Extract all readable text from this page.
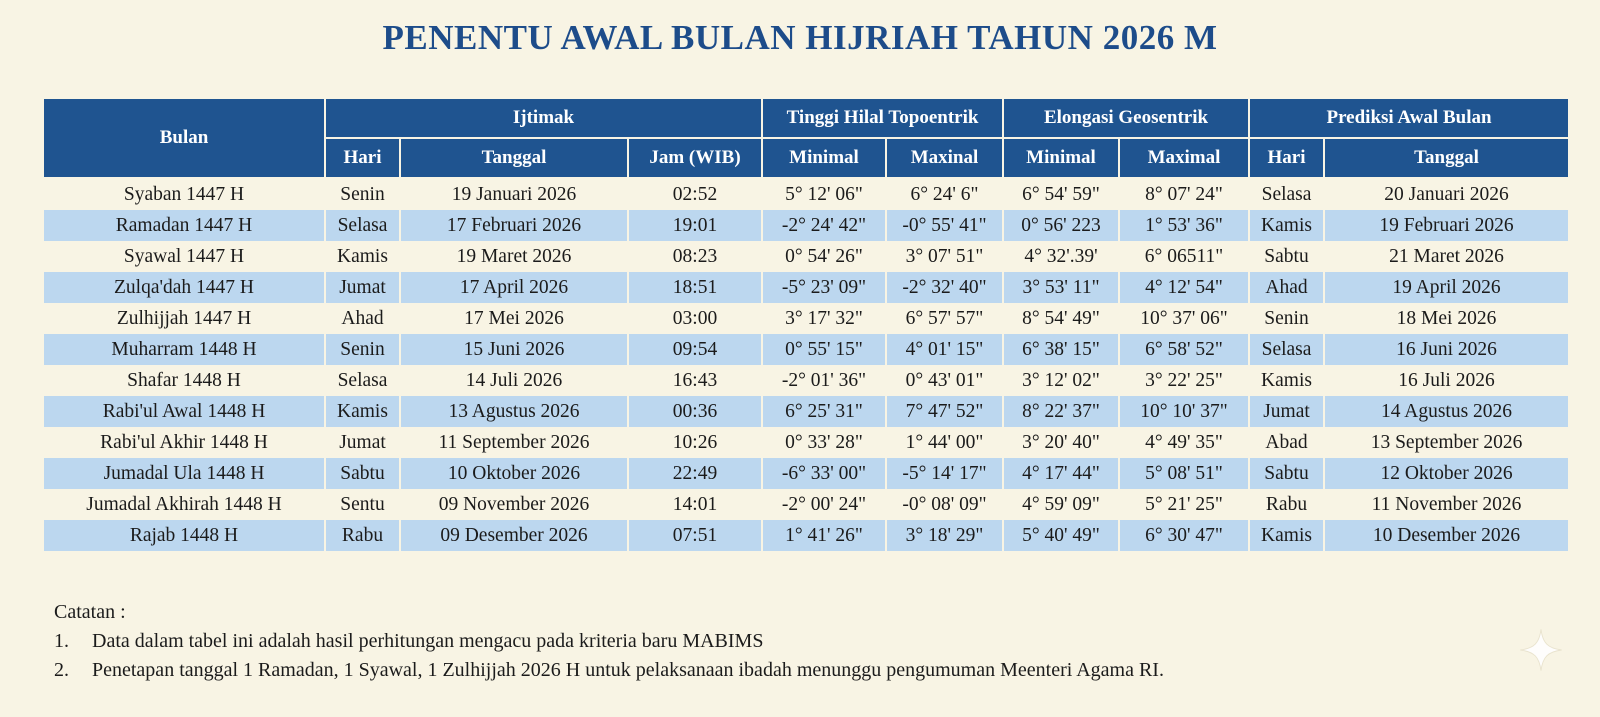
PENENTU AWAL BULAN HIJRIAH TAHUN 2026 M
Bulan	Ijtimak			Tinggi Hilal Topoentrik		Elongasi Geosentrik		Prediksi Awal Bulan	
	Hari	Tanggal	Jam (WIB)	Minimal	Maxinal	Minimal	Maximal	Hari	Tanggal
Syaban 1447 H	Senin	19 Januari 2026	02:52	5° 12' 06"	6° 24' 6"	6° 54' 59"	8° 07' 24"	Selasa	20 Januari 2026
Ramadan 1447 H	Selasa	17 Februari 2026	19:01	-2° 24' 42"	-0° 55' 41"	0° 56' 223	1° 53' 36"	Kamis	19 Februari 2026
Syawal 1447 H	Kamis	19 Maret 2026	08:23	0° 54' 26"	3° 07' 51"	4° 32'.39'	6° 06511"	Sabtu	21 Maret 2026
Zulqa'dah 1447 H	Jumat	17 April 2026	18:51	-5° 23' 09"	-2° 32' 40"	3° 53' 11"	4° 12' 54"	Ahad	19 April 2026
Zulhijjah 1447 H	Ahad	17 Mei 2026	03:00	3° 17' 32"	6° 57' 57"	8° 54' 49"	10° 37' 06"	Senin	18 Mei 2026
Muharram 1448 H	Senin	15 Juni 2026	09:54	0° 55' 15"	4° 01' 15"	6° 38' 15"	6° 58' 52"	Selasa	16 Juni 2026
Shafar 1448 H	Selasa	14 Juli 2026	16:43	-2° 01' 36"	0° 43' 01"	3° 12' 02"	3° 22' 25"	Kamis	16 Juli 2026
Rabi'ul Awal 1448 H	Kamis	13 Agustus 2026	00:36	6° 25' 31"	7° 47' 52"	8° 22' 37"	10° 10' 37"	Jumat	14 Agustus 2026
Rabi'ul Akhir 1448 H	Jumat	11 September 2026	10:26	0° 33' 28"	1° 44' 00"	3° 20' 40"	4° 49' 35"	Abad	13 September 2026
Jumadal Ula 1448 H	Sabtu	10 Oktober 2026	22:49	-6° 33' 00"	-5° 14' 17"	4° 17' 44"	5° 08' 51"	Sabtu	12 Oktober 2026
Jumadal Akhirah 1448 H	Sentu	09 November 2026	14:01	-2° 00' 24"	-0° 08' 09"	4° 59' 09"	5° 21' 25"	Rabu	11 November 2026
Rajab 1448 H	Rabu	09 Desember 2026	07:51	1° 41' 26"	3° 18' 29"	5° 40' 49"	6° 30' 47"	Kamis	10 Desember 2026
Catatan :
1.	Data dalam tabel ini adalah hasil perhitungan mengacu pada kriteria baru MABIMS
2.	Penetapan tanggal 1 Ramadan, 1 Syawal, 1 Zulhijjah 2026 H untuk pelaksanaan ibadah menunggu pengumuman Meenteri Agama RI.
